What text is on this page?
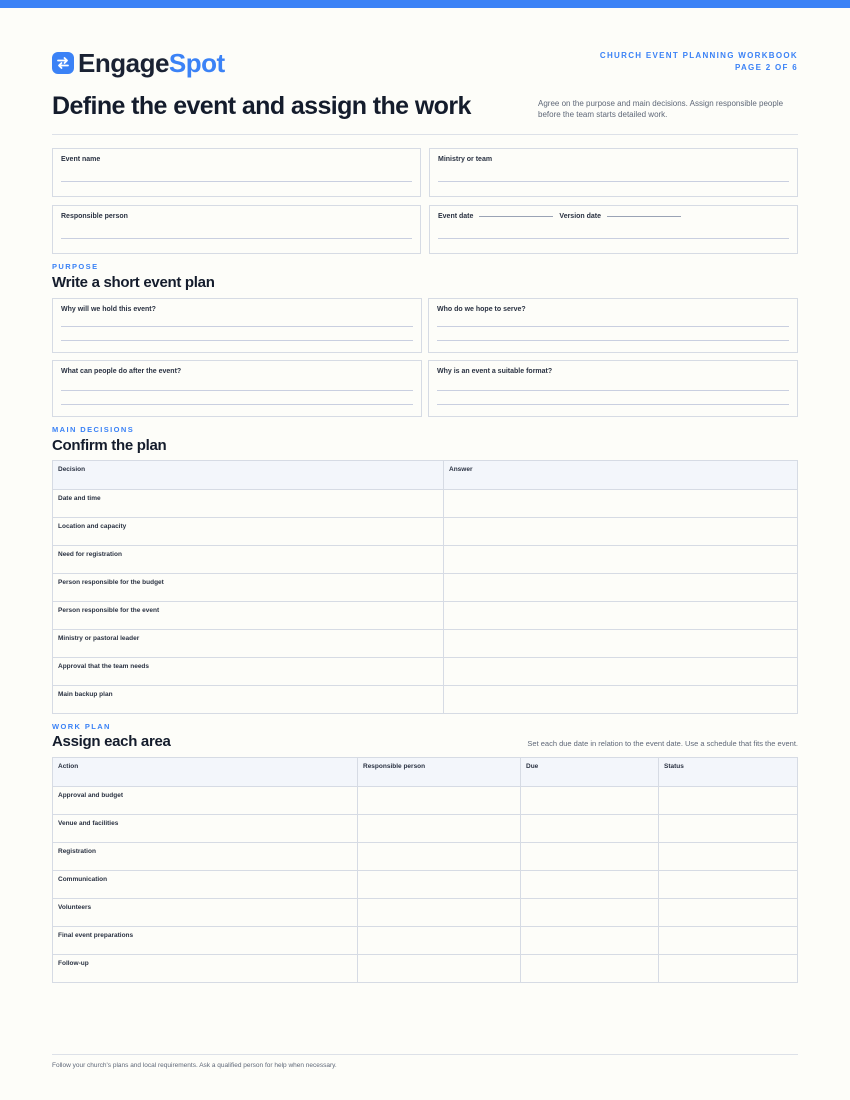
EngageSpot	CHURCH EVENT PLANNING WORKBOOK
PAGE 2 OF 6
Define the event and assign the work	Agree on the purpose and main decisions. Assign responsible people before the team starts detailed work.

Event name	Ministry or team
Responsible person	Event date	Version date
PURPOSE
Write a short event plan
Why will we hold this event?	Who do we hope to serve?
What can people do after the event?	Why is an event a suitable format?
MAIN DECISIONS
Confirm the plan
Decision	Answer
Date and time	
Location and capacity	
Need for registration	
Person responsible for the budget	
Person responsible for the event	
Ministry or pastoral leader	
Approval that the team needs	
Main backup plan	
WORK PLAN
Assign each area	Set each due date in relation to the event date. Use a schedule that fits the event.
Action	Responsible person	Due	Status
Approval and budget			
Venue and facilities			
Registration			
Communication			
Volunteers			
Final event preparations			
Follow-up			
Follow your church's plans and local requirements. Ask a qualified person for help when necessary.
